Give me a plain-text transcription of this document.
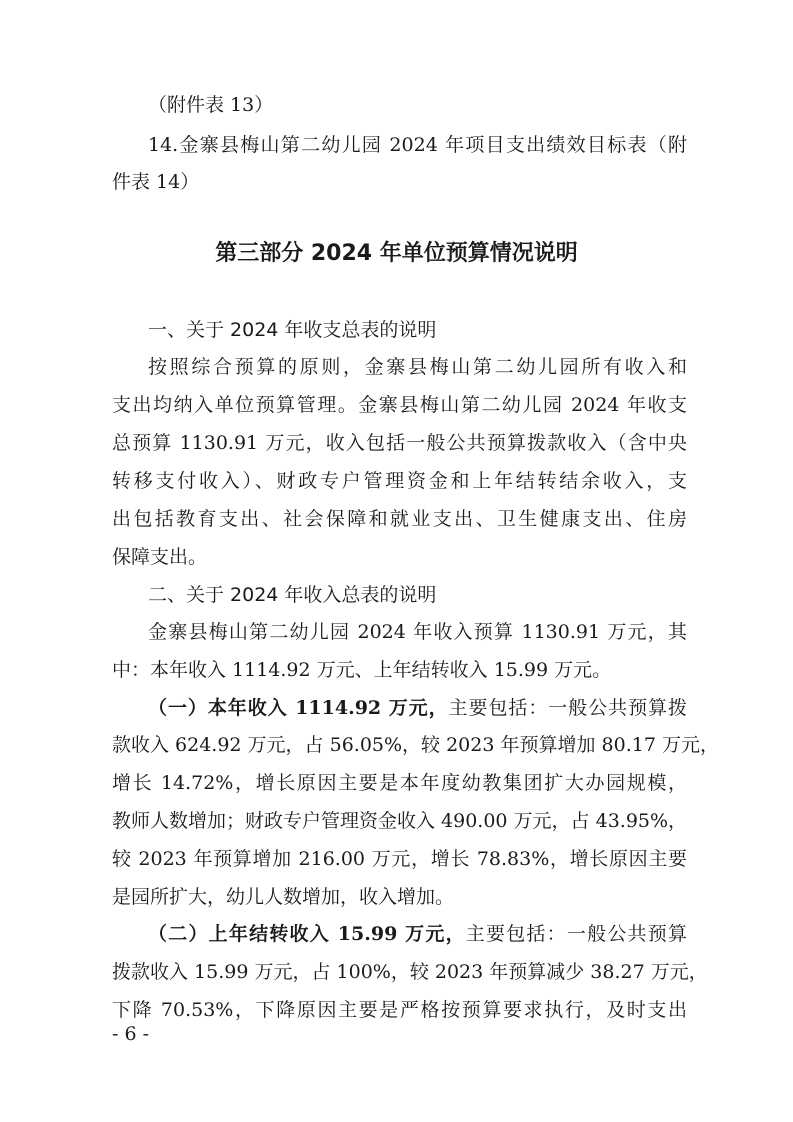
（附件表 13）
14.金寨县梅山第二幼儿园 2024 年项目支出绩效目标表（附
件表 14）
第三部分 2024 年单位预算情况说明
一、关于 2024 年收支总表的说明
按照综合预算的原则，金寨县梅山第二幼儿园所有收入和
支出均纳入单位预算管理。金寨县梅山第二幼儿园 2024 年收支
总预算 1130.91 万元，收入包括一般公共预算拨款收入（含中央
转移支付收入）、财政专户管理资金和上年结转结余收入，支
出包括教育支出、社会保障和就业支出、卫生健康支出、住房
保障支出。
二、关于 2024 年收入总表的说明
金寨县梅山第二幼儿园 2024 年收入预算 1130.91 万元，其
中：本年收入 1114.92 万元、上年结转收入 15.99 万元。
（一）本年收入 1114.92 万元，主要包括：一般公共预算拨
款收入 624.92 万元，占 56.05%，较 2023 年预算增加 80.17 万元，
增长 14.72%，增长原因主要是本年度幼教集团扩大办园规模，
教师人数增加；财政专户管理资金收入 490.00 万元，占 43.95%，
较 2023 年预算增加 216.00 万元，增长 78.83%，增长原因主要
是园所扩大，幼儿人数增加，收入增加。
（二）上年结转收入 15.99 万元，主要包括：一般公共预算
拨款收入 15.99 万元，占 100%，较 2023 年预算减少 38.27 万元，
下降 70.53%，下降原因主要是严格按预算要求执行，及时支出
- 6 -
